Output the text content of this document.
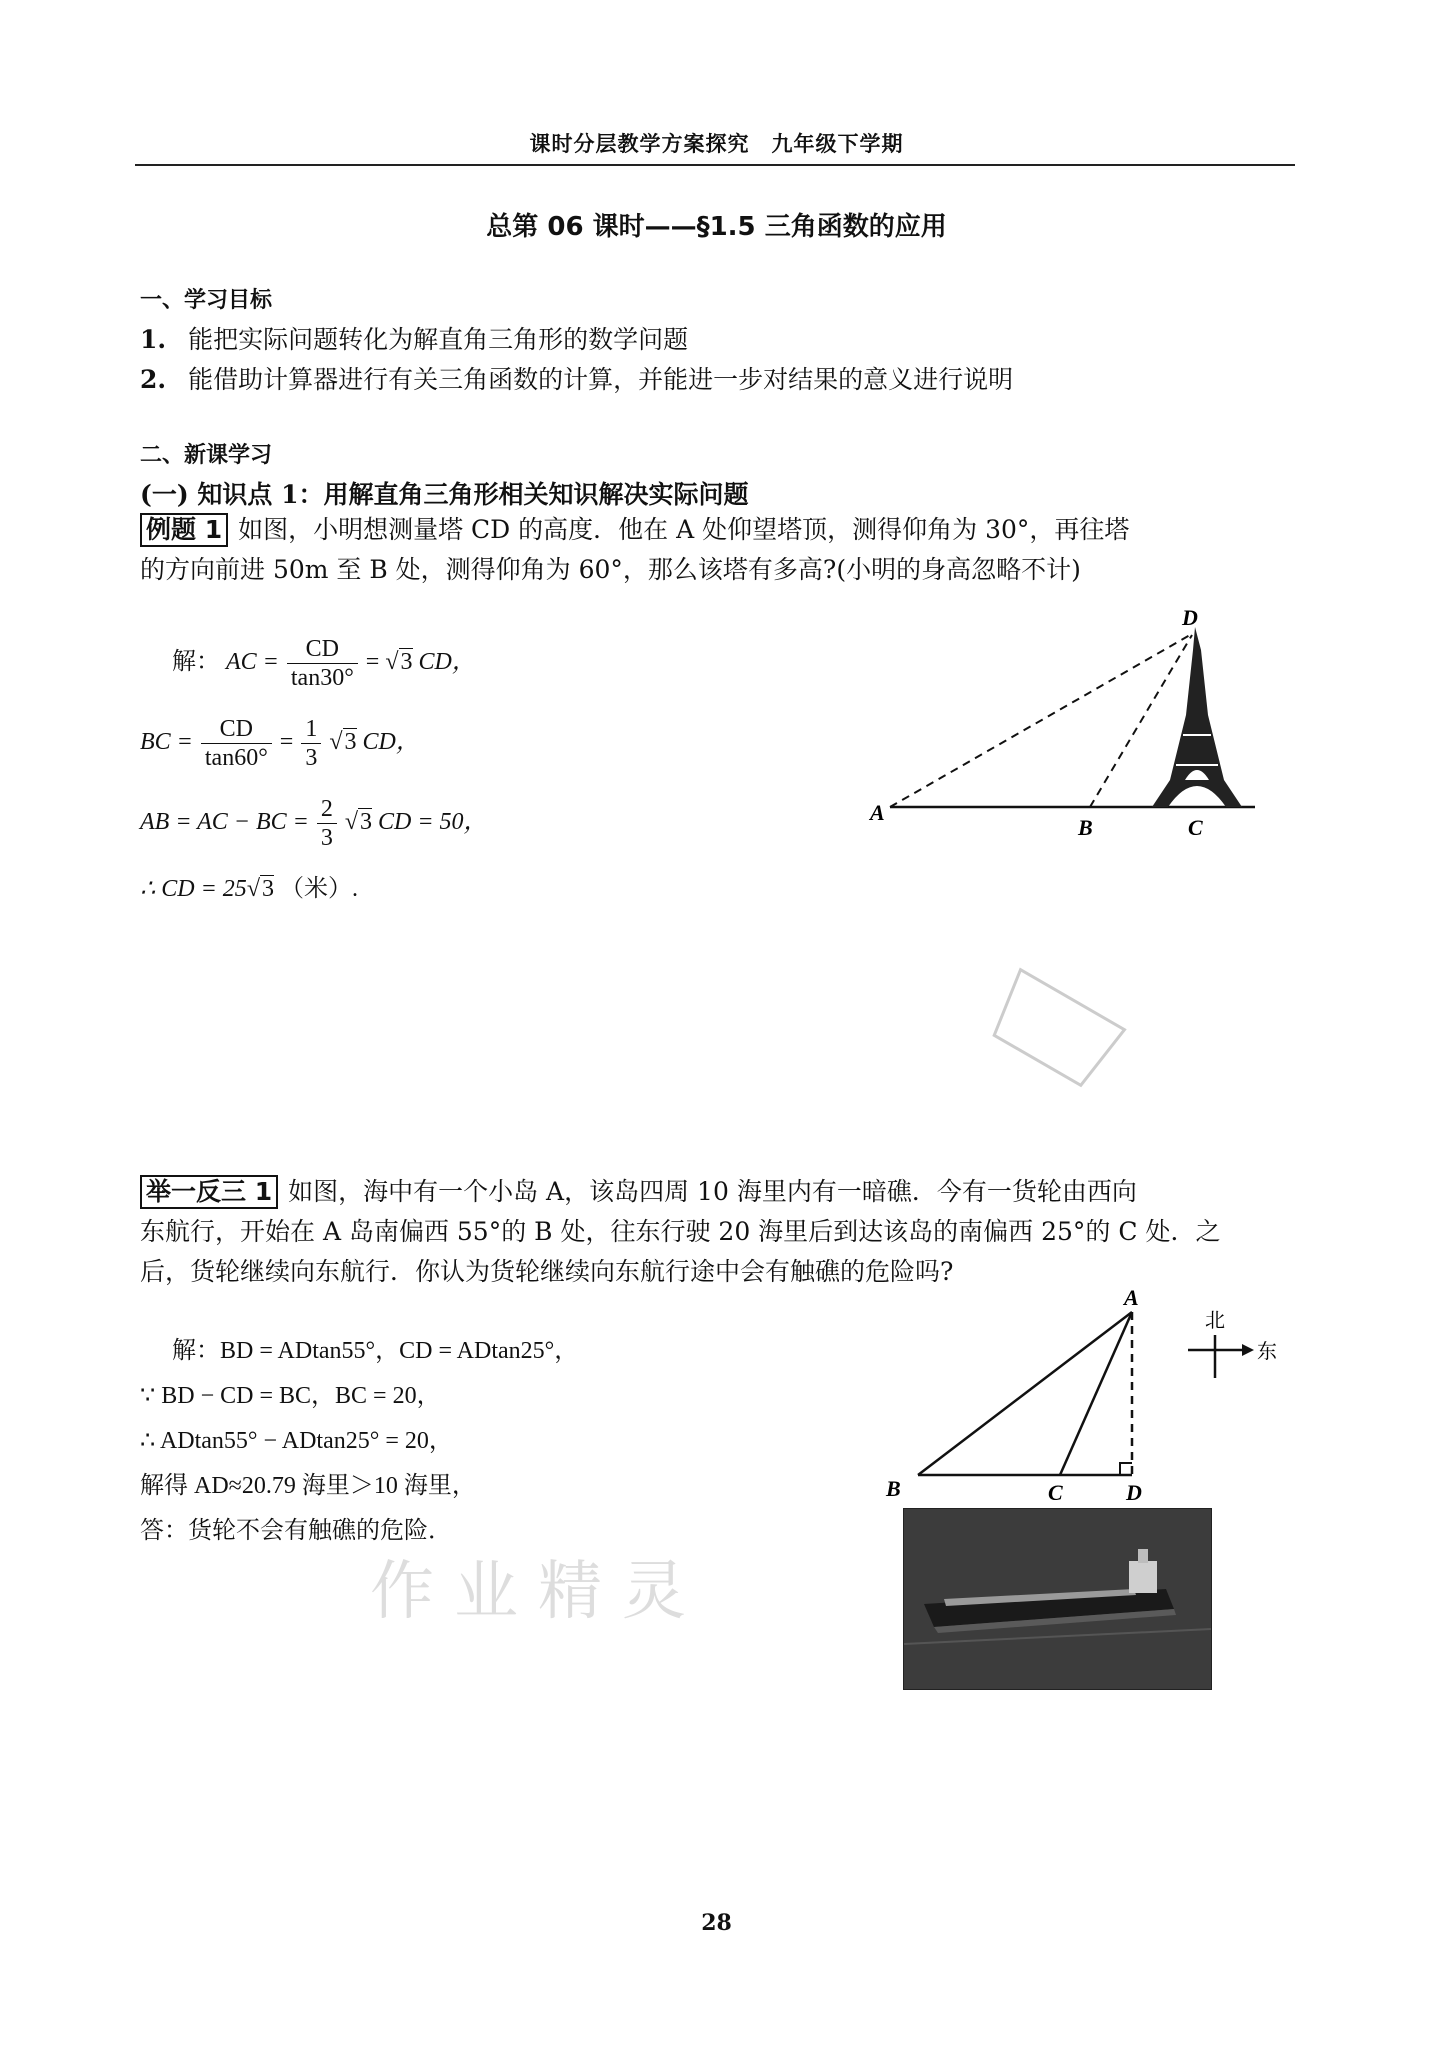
课时分层教学方案探究　九年级下学期
总第 06 课时——§1.5 三角函数的应用
一、学习目标
1. 能把实际问题转化为解直角三角形的数学问题
2. 能借助计算器进行有关三角函数的计算，并能进一步对结果的意义进行说明
二、新课学习
(一) 知识点 1：用解直角三角形相关知识解决实际问题
例题 1 如图，小明想测量塔 CD 的高度．他在 A 处仰望塔顶，测得仰角为 30°，再往塔
的方向前进 50m 至 B 处，测得仰角为 60°，那么该塔有多高?(小明的身高忽略不计)
解： AC = $\frac{CD}{\tan 30^\circ} = √3$ CD，
BC = $\frac{CD}{\tan 60^\circ} = \frac{1}{3} √3$ CD，
AB = AC − BC = $\frac{2}{3} √3$ CD = 50，
∴ CD = 25√3 （米）.
D
A
B	C
举一反三 1 如图，海中有一个小岛 A，该岛四周 10 海里内有一暗礁．今有一货轮由西向
东航行，开始在 A 岛南偏西 55°的 B 处，往东行驶 20 海里后到达该岛的南偏西 25°的 C 处．之
后，货轮继续向东航行．你认为货轮继续向东航行途中会有触礁的危险吗?
解：BD = ADtan55°，CD = ADtan25°，
∵ BD − CD = BC，BC = 20，
∴ ADtan55° − ADtan25° = 20，
解得 AD≈20.79 海里＞10 海里，
答：货轮不会有触礁的危险．
作业精灵
A
B	C	D
北
东
28
